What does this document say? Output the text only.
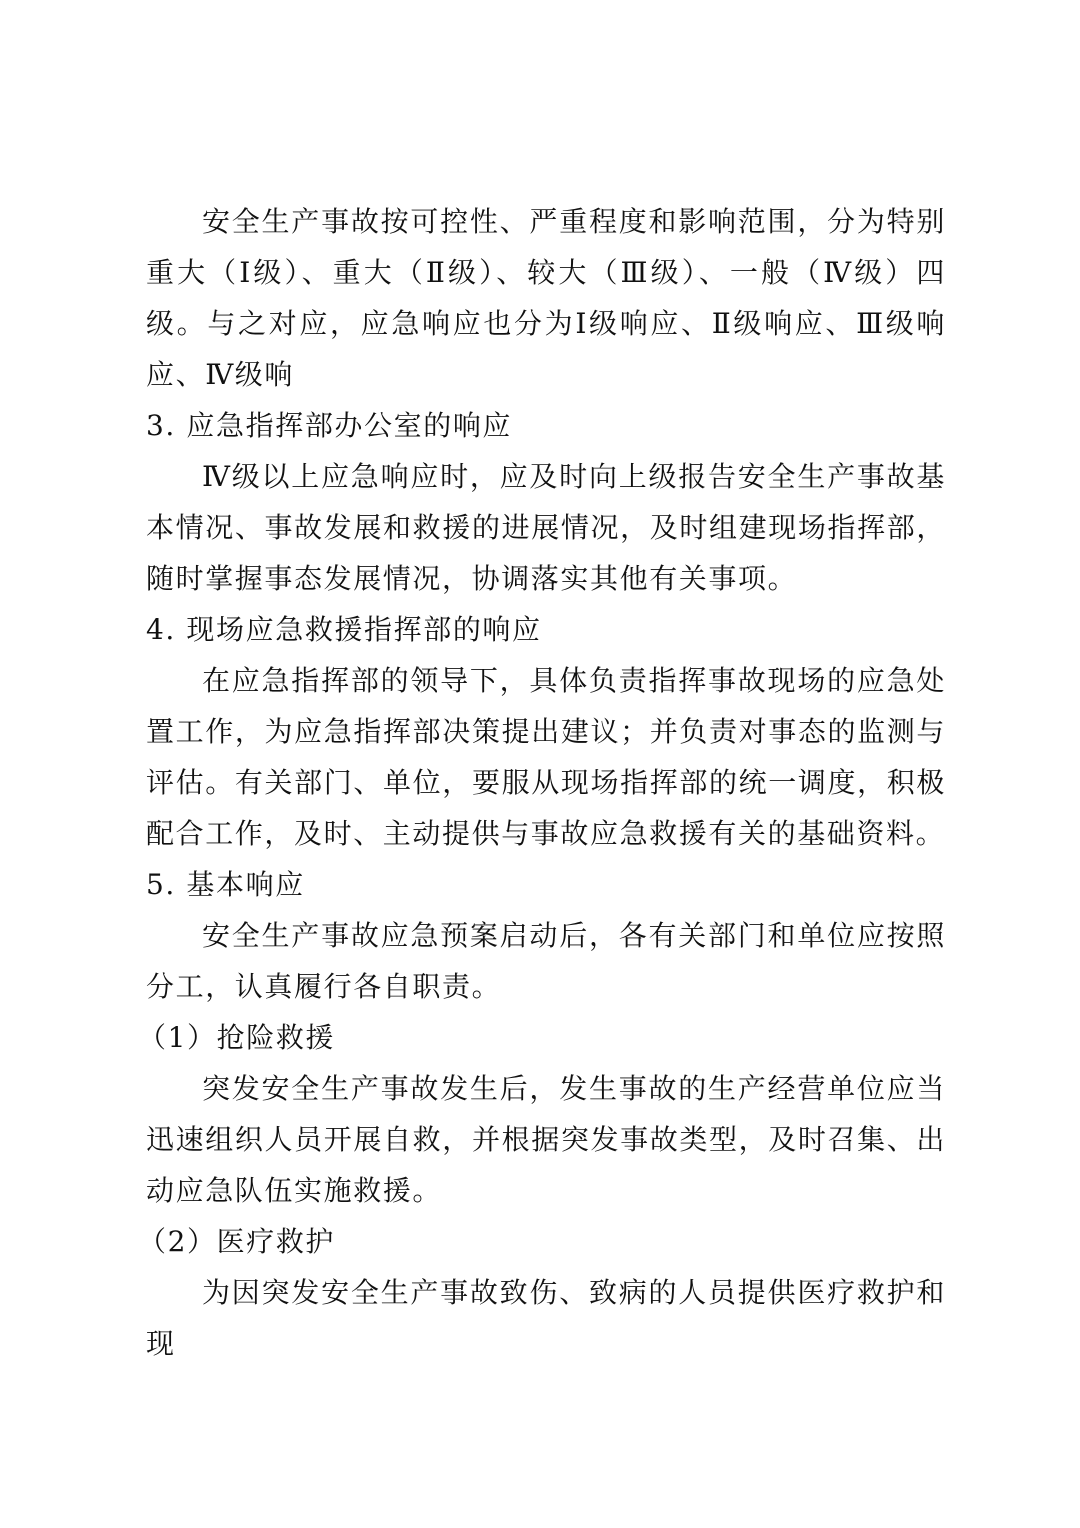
安全生产事故按可控性、严重程度和影响范围，分为特别重大（Ⅰ级）、重大（Ⅱ级）、较大（Ⅲ级）、一般（Ⅳ级）四级。与之对应，应急响应也分为Ⅰ级响应、Ⅱ级响应、Ⅲ级响应、Ⅳ级响

3. 应急指挥部办公室的响应

Ⅳ级以上应急响应时，应及时向上级报告安全生产事故基本情况、事故发展和救援的进展情况，及时组建现场指挥部，随时掌握事态发展情况，协调落实其他有关事项。

4. 现场应急救援指挥部的响应

在应急指挥部的领导下，具体负责指挥事故现场的应急处置工作，为应急指挥部决策提出建议；并负责对事态的监测与评估。有关部门、单位，要服从现场指挥部的统一调度，积极配合工作，及时、主动提供与事故应急救援有关的基础资料。

5. 基本响应

安全生产事故应急预案启动后，各有关部门和单位应按照分工，认真履行各自职责。

（1）抢险救援

突发安全生产事故发生后，发生事故的生产经营单位应当迅速组织人员开展自救，并根据突发事故类型，及时召集、出动应急队伍实施救援。

（2）医疗救护

为因突发安全生产事故致伤、致病的人员提供医疗救护和现
